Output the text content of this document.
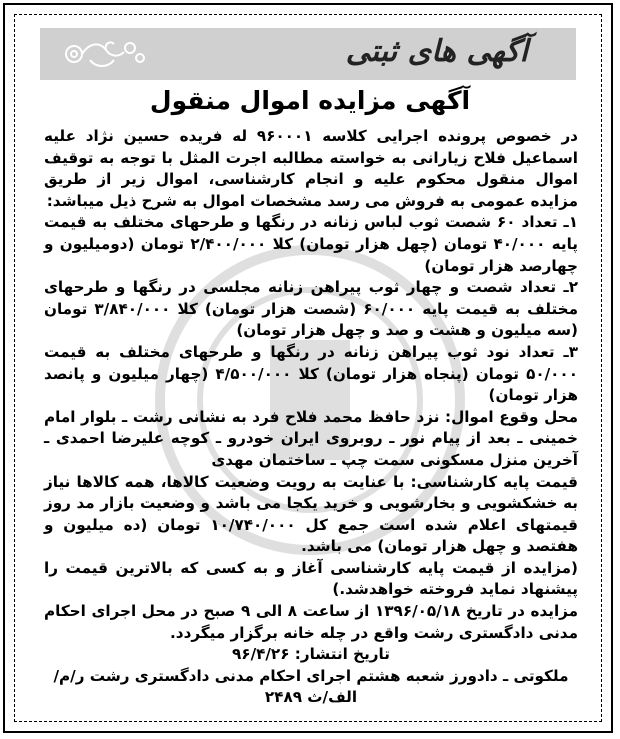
آگهی های ثبتی
آگهی مزایده اموال منقول

در خصوص پرونده اجرایی کلاسه ۹۶۰۰۰۱ له فریده حسین نژاد علیه اسماعیل فلاح زیارانی به خواسته مطالبه اجرت المثل با توجه به توقیف اموال منقول محکوم علیه و انجام کارشناسی، اموال زیر از طریق مزایده عمومی به فروش می رسد مشخصات اموال به شرح ذیل میباشد:

۱ـ تعداد ۶۰ شصت ثوب لباس زنانه در رنگها و طرحهای مختلف به قیمت پایه ۴۰/۰۰۰ تومان (چهل هزار تومان) کلا ۲/۴۰۰/۰۰۰ تومان (دومیلیون و چهارصد هزار تومان)

۲ـ تعداد شصت و چهار ثوب پیراهن زنانه مجلسی در رنگها و طرحهای مختلف به قیمت پایه ۶۰/۰۰۰ (شصت هزار تومان) کلا ۳/۸۴۰/۰۰۰ تومان (سه میلیون و هشت و صد و چهل هزار تومان)

۳ـ تعداد نود ثوب پیراهن زنانه در رنگها و طرحهای مختلف به قیمت ۵۰/۰۰۰ تومان (پنجاه هزار تومان) کلا ۴/۵۰۰/۰۰۰ (چهار میلیون و پانصد هزار تومان)

محل وقوع اموال: نزد حافظ محمد فلاح فرد به نشانی رشت ـ بلوار امام خمینی ـ بعد از پیام نور ـ روبروی ایران خودرو ـ کوچه علیرضا احمدی ـ آخرین منزل مسکونی سمت چپ ـ ساختمان مهدی

قیمت پایه کارشناسی: با عنایت به رویت وضعیت کالاها، همه کالاها نیاز به خشکشویی و بخارشویی و خرید یکجا می باشد و وضعیت بازار مد روز قیمتهای اعلام شده است جمع کل ۱۰/۷۴۰/۰۰۰ تومان (ده میلیون و هفتصد و چهل هزار تومان) می باشد.

(مزایده از قیمت پایه کارشناسی آغاز و به کسی که بالاترین قیمت را پیشنهاد نماید فروخته خواهدشد.)

مزایده در تاریخ ۱۳۹۶/۰۵/۱۸ از ساعت ۸ الی ۹ صبح در محل اجرای احکام مدنی دادگستری رشت واقع در چله خانه برگزار میگردد.

تاریخ انتشار: ۹۶/۴/۲۶

ملکوتی ـ دادورز شعبه هشتم اجرای احکام مدنی دادگستری رشت ر/م/الف/ث ۲۴۸۹
